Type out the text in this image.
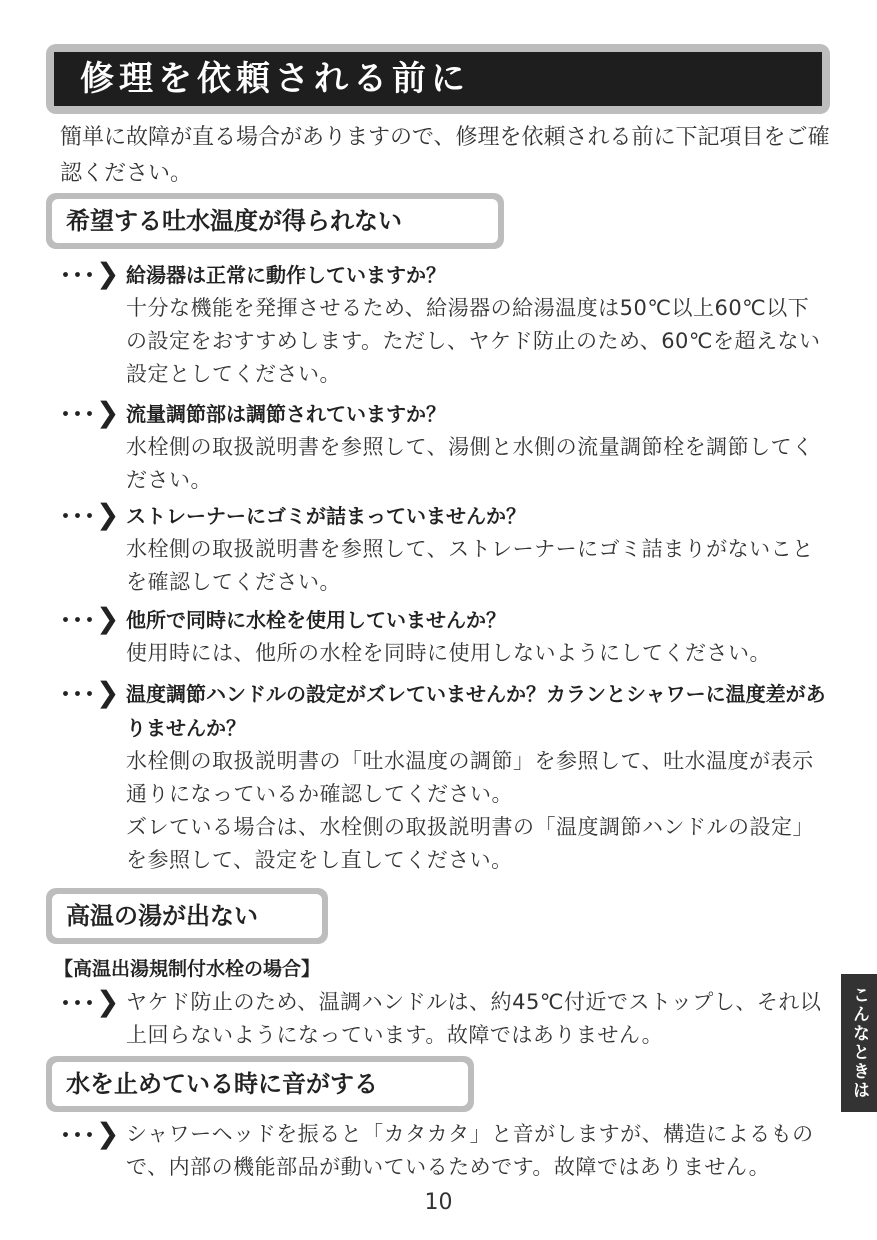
修理を依頼される前に
簡単に故障が直る場合がありますので、修理を依頼される前に下記項目をご確認ください。
希望する吐水温度が得られない
･･･❯ 給湯器は正常に動作していますか？
十分な機能を発揮させるため、給湯器の給湯温度は50℃以上60℃以下の設定をおすすめします。ただし、ヤケド防止のため、60℃を超えない設定としてください。
･･･❯ 流量調節部は調節されていますか？
水栓側の取扱説明書を参照して、湯側と水側の流量調節栓を調節してください。
･･･❯ ストレーナーにゴミが詰まっていませんか？
水栓側の取扱説明書を参照して、ストレーナーにゴミ詰まりがないことを確認してください。
･･･❯ 他所で同時に水栓を使用していませんか？
使用時には、他所の水栓を同時に使用しないようにしてください。
･･･❯ 温度調節ハンドルの設定がズレていませんか？カランとシャワーに温度差がありませんか？
水栓側の取扱説明書の「吐水温度の調節」を参照して、吐水温度が表示通りになっているか確認してください。
ズレている場合は、水栓側の取扱説明書の「温度調節ハンドルの設定」を参照して、設定をし直してください。
高温の湯が出ない
【高温出湯規制付水栓の場合】
･･･❯ ヤケド防止のため、温調ハンドルは、約45℃付近でストップし、それ以上回らないようになっています。故障ではありません。
水を止めている時に音がする
･･･❯ シャワーヘッドを振ると「カタカタ」と音がしますが、構造によるもので、内部の機能部品が動いているためです。故障ではありません。
こんなときは
10
